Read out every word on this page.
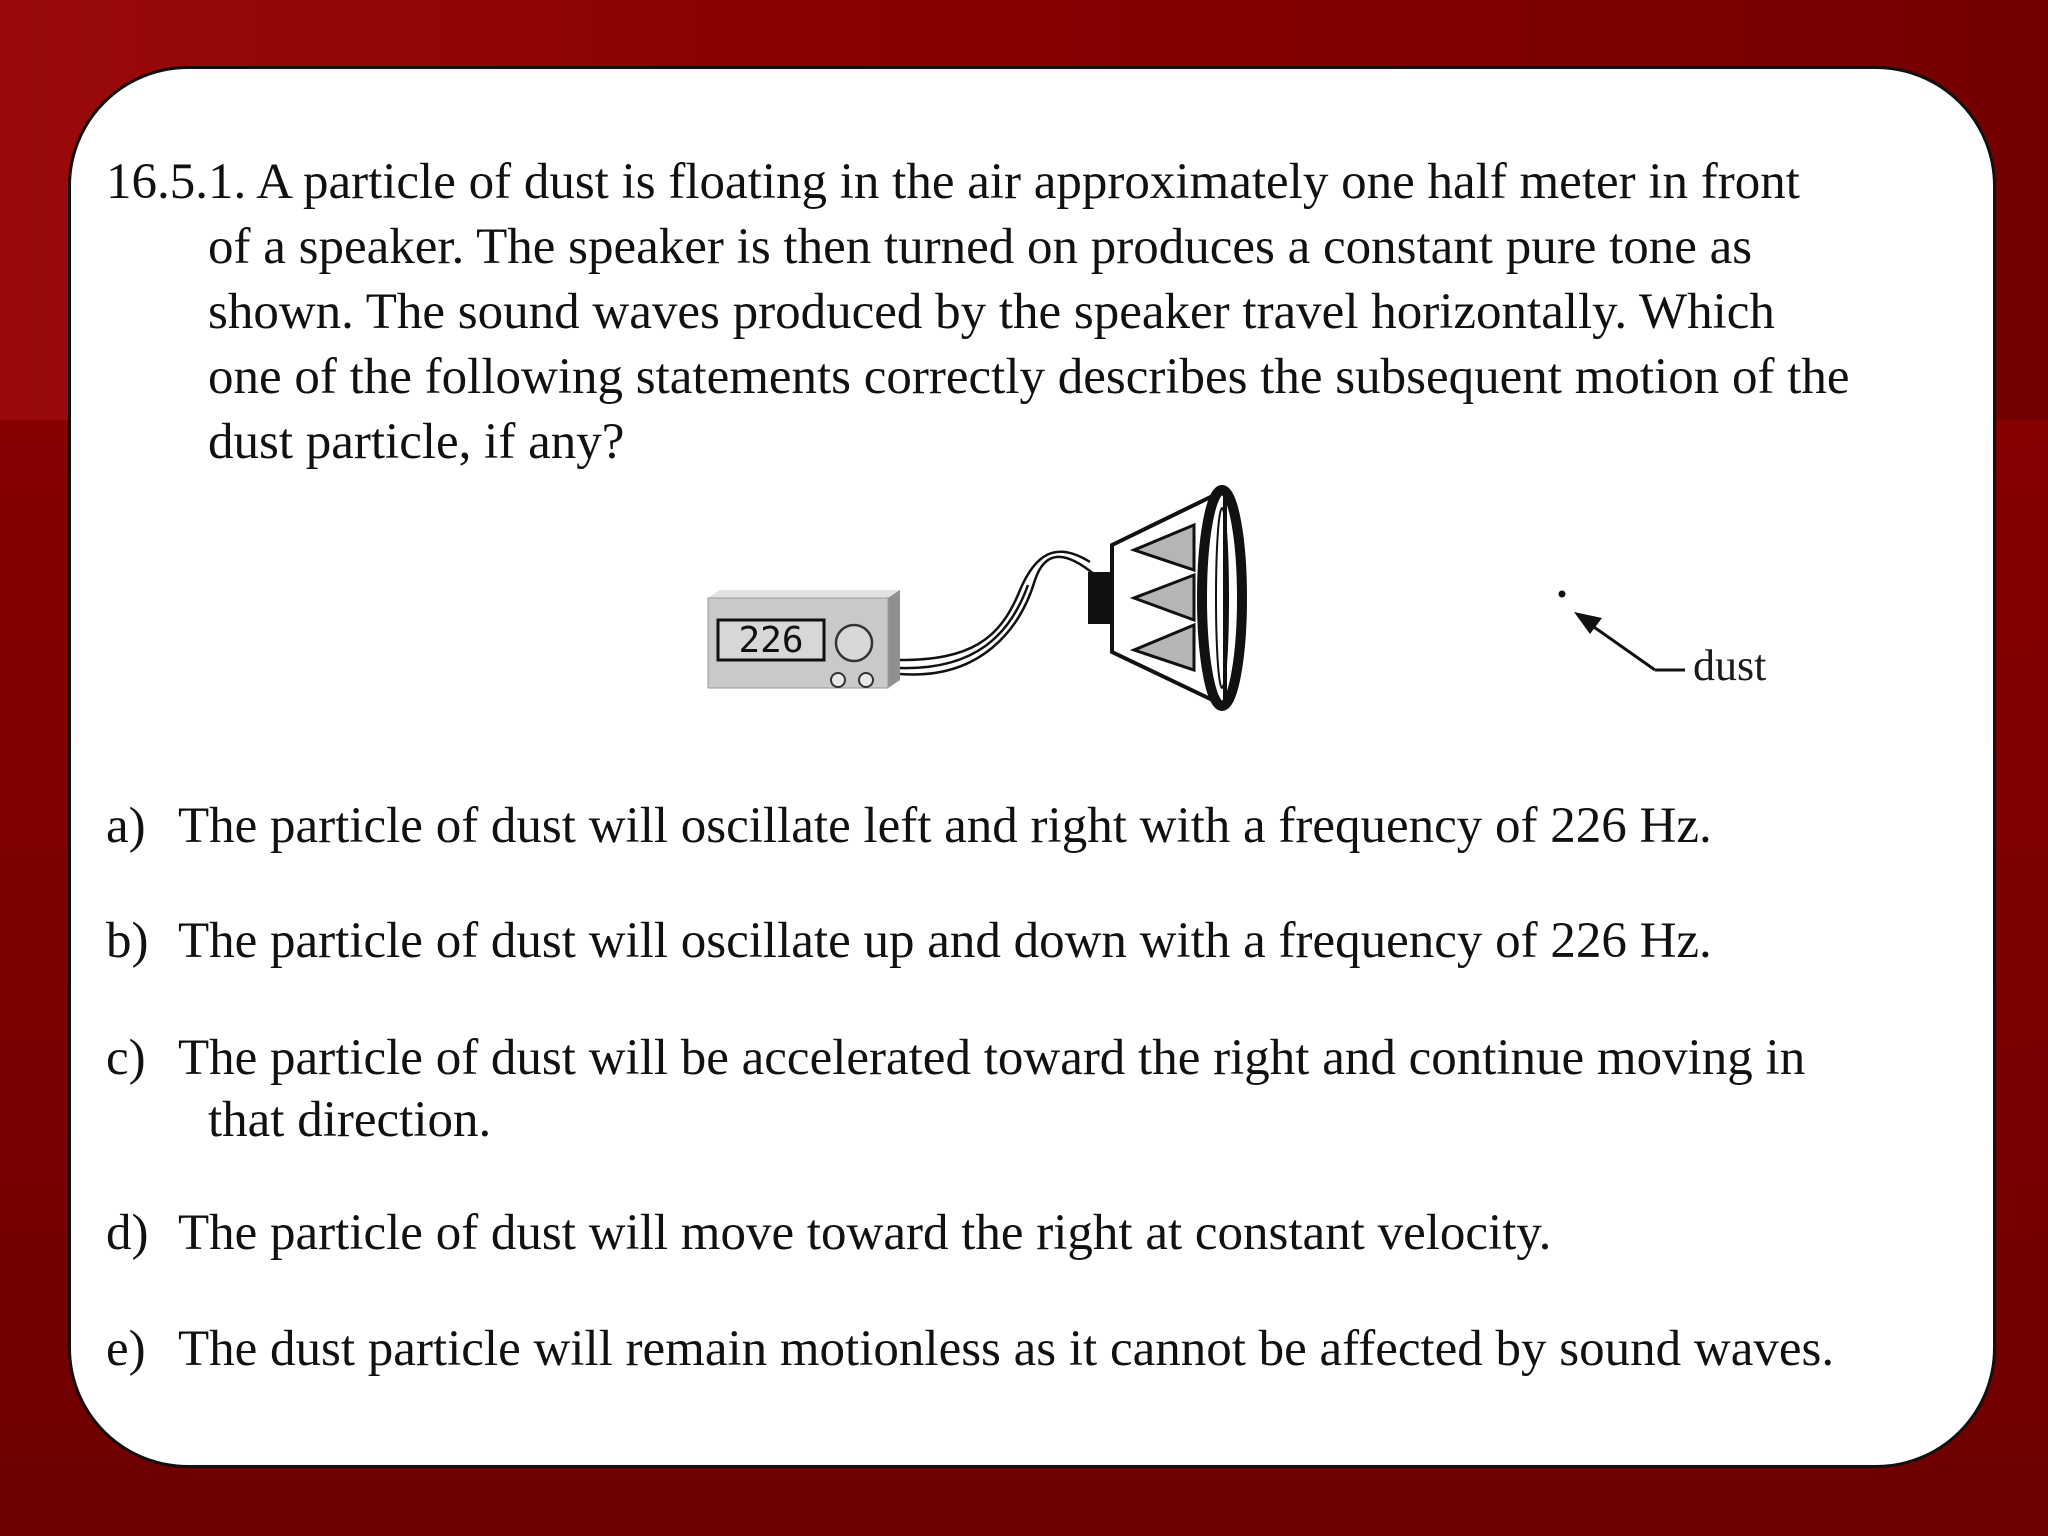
16.5.1. A particle of dust is floating in the air approximately one half meter in front
of a speaker. The speaker is then turned on produces a constant pure tone as
shown. The sound waves produced by the speaker travel horizontally. Which
one of the following statements correctly describes the subsequent motion of the
dust particle, if any?
226
dust
a) The particle of dust will oscillate left and right with a frequency of 226 Hz.
b) The particle of dust will oscillate up and down with a frequency of 226 Hz.
c) The particle of dust will be accelerated toward the right and continue moving in
that direction.
d) The particle of dust will move toward the right at constant velocity.
e) The dust particle will remain motionless as it cannot be affected by sound waves.
